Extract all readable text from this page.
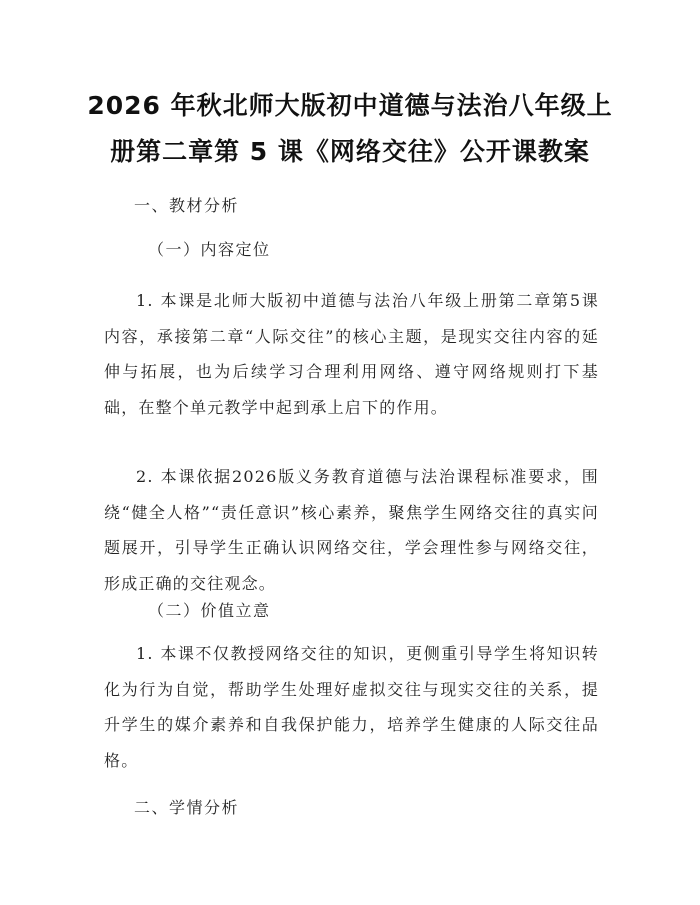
2026 年秋北师大版初中道德与法治八年级上
册第二章第 5 课《网络交往》公开课教案
一、教材分析
（一）内容定位
1. 本课是北师大版初中道德与法治八年级上册第二章第5课内容，承接第二章“人际交往”的核心主题，是现实交往内容的延伸与拓展，也为后续学习合理利用网络、遵守网络规则打下基础，在整个单元教学中起到承上启下的作用。
2. 本课依据2026版义务教育道德与法治课程标准要求，围绕“健全人格”“责任意识”核心素养，聚焦学生网络交往的真实问题展开，引导学生正确认识网络交往，学会理性参与网络交往，形成正确的交往观念。
（二）价值立意
1. 本课不仅教授网络交往的知识，更侧重引导学生将知识转化为行为自觉，帮助学生处理好虚拟交往与现实交往的关系，提升学生的媒介素养和自我保护能力，培养学生健康的人际交往品格。
二、学情分析
